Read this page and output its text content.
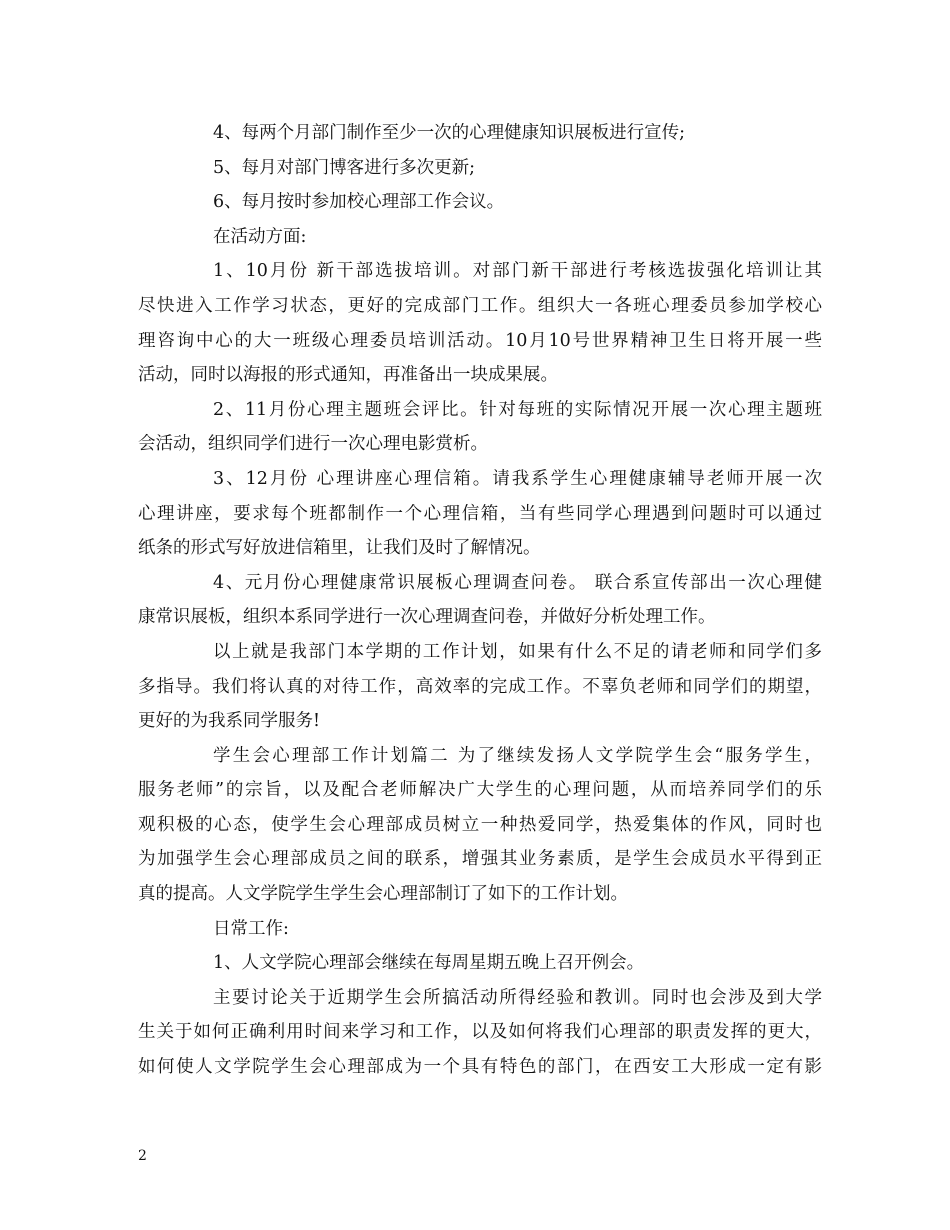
4、每两个月部门制作至少一次的心理健康知识展板进行宣传;
5、每月对部门博客进行多次更新;
6、每月按时参加校心理部工作会议。
在活动方面:
1、10月份 新干部选拔培训。对部门新干部进行考核选拔强化培训让其
尽快进入工作学习状态，更好的完成部门工作。组织大一各班心理委员参加学校心
理咨询中心的大一班级心理委员培训活动。10月10号世界精神卫生日将开展一些
活动，同时以海报的形式通知，再准备出一块成果展。
2、11月份心理主题班会评比。针对每班的实际情况开展一次心理主题班
会活动，组织同学们进行一次心理电影赏析。
3、12月份 心理讲座心理信箱。请我系学生心理健康辅导老师开展一次
心理讲座，要求每个班都制作一个心理信箱，当有些同学心理遇到问题时可以通过
纸条的形式写好放进信箱里，让我们及时了解情况。
4、元月份心理健康常识展板心理调查问卷。 联合系宣传部出一次心理健
康常识展板，组织本系同学进行一次心理调查问卷，并做好分析处理工作。
以上就是我部门本学期的工作计划，如果有什么不足的请老师和同学们多
多指导。我们将认真的对待工作，高效率的完成工作。不辜负老师和同学们的期望，
更好的为我系同学服务!
学生会心理部工作计划篇二 为了继续发扬人文学院学生会“服务学生，
服务老师”的宗旨，以及配合老师解决广大学生的心理问题，从而培养同学们的乐
观积极的心态，使学生会心理部成员树立一种热爱同学，热爱集体的作风，同时也
为加强学生会心理部成员之间的联系，增强其业务素质，是学生会成员水平得到正
真的提高。人文学院学生学生会心理部制订了如下的工作计划。
日常工作:
1、人文学院心理部会继续在每周星期五晚上召开例会。
主要讨论关于近期学生会所搞活动所得经验和教训。同时也会涉及到大学
生关于如何正确利用时间来学习和工作，以及如何将我们心理部的职责发挥的更大，
如何使人文学院学生会心理部成为一个具有特色的部门，在西安工大形成一定有影
2
